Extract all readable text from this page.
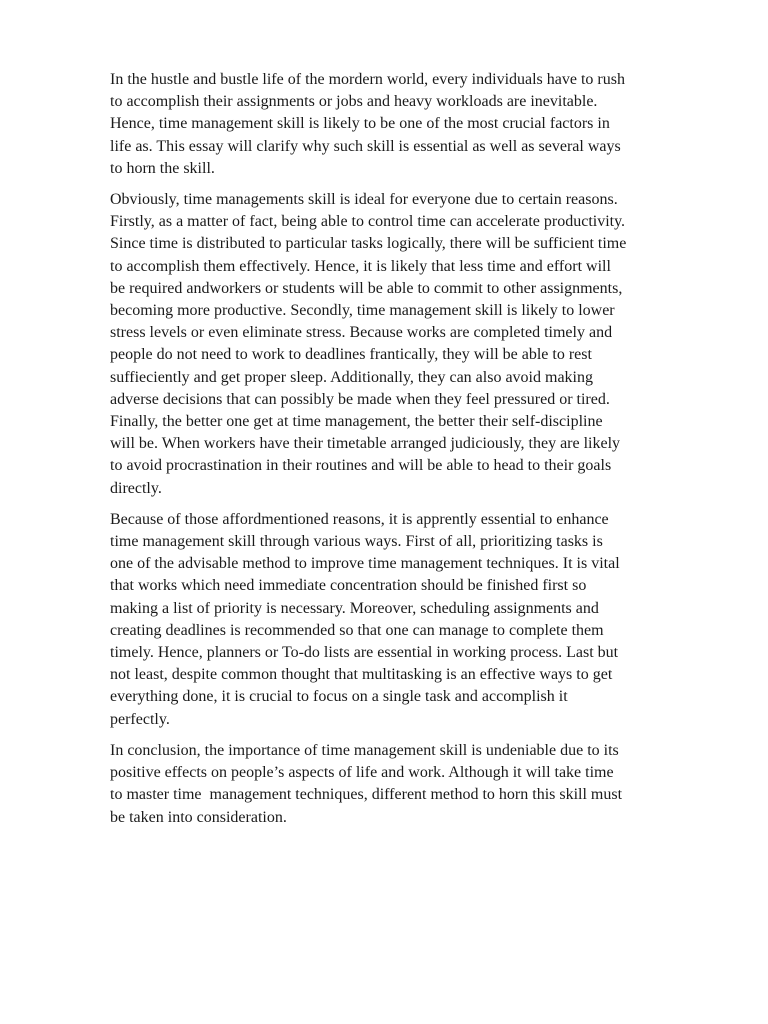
In the hustle and bustle life of the mordern world, every individuals have to rush
to accomplish their assignments or jobs and heavy workloads are inevitable.
Hence, time management skill is likely to be one of the most crucial factors in
life as. This essay will clarify why such skill is essential as well as several ways
to horn the skill.

Obviously, time managements skill is ideal for everyone due to certain reasons.
Firstly, as a matter of fact, being able to control time can accelerate productivity.
Since time is distributed to particular tasks logically, there will be sufficient time
to accomplish them effectively. Hence, it is likely that less time and effort will
be required andworkers or students will be able to commit to other assignments,
becoming more productive. Secondly, time management skill is likely to lower
stress levels or even eliminate stress. Because works are completed timely and
people do not need to work to deadlines frantically, they will be able to rest
suffieciently and get proper sleep. Additionally, they can also avoid making
adverse decisions that can possibly be made when they feel pressured or tired.
Finally, the better one get at time management, the better their self-discipline
will be. When workers have their timetable arranged judiciously, they are likely
to avoid procrastination in their routines and will be able to head to their goals
directly.

Because of those affordmentioned reasons, it is apprently essential to enhance
time management skill through various ways. First of all, prioritizing tasks is
one of the advisable method to improve time management techniques. It is vital
that works which need immediate concentration should be finished first so
making a list of priority is necessary. Moreover, scheduling assignments and
creating deadlines is recommended so that one can manage to complete them
timely. Hence, planners or To-do lists are essential in working process. Last but
not least, despite common thought that multitasking is an effective ways to get
everything done, it is crucial to focus on a single task and accomplish it
perfectly.

In conclusion, the importance of time management skill is undeniable due to its
positive effects on people’s aspects of life and work. Although it will take time
to master time  management techniques, different method to horn this skill must
be taken into consideration.
